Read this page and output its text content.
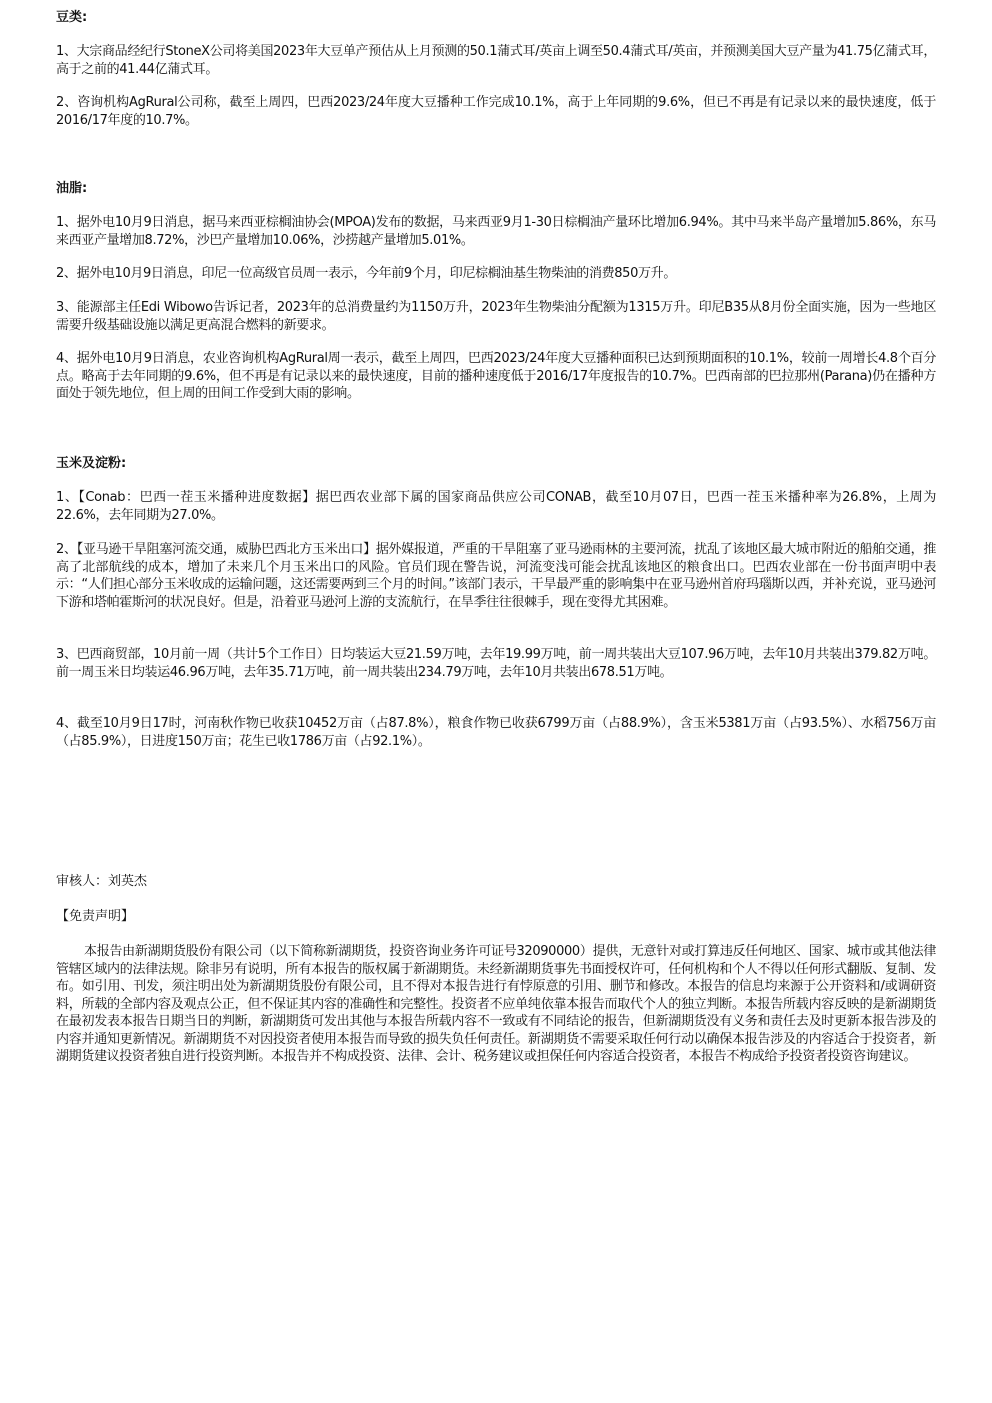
豆类:

1、大宗商品经纪行StoneX公司将美国2023年大豆单产预估从上月预测的50.1蒲式耳/英亩上调至50.4蒲式耳/英亩，并预测美国大豆产量为41.75亿蒲式耳，高于之前的41.44亿蒲式耳。

2、咨询机构AgRural公司称，截至上周四，巴西2023/24年度大豆播种工作完成10.1%，高于上年同期的9.6%，但已不再是有记录以来的最快速度，低于2016/17年度的10.7%。

油脂:

1、据外电10月9日消息，据马来西亚棕榈油协会(MPOA)发布的数据，马来西亚9月1-30日棕榈油产量环比增加6.94%。其中马来半岛产量增加5.86%，东马来西亚产量增加8.72%，沙巴产量增加10.06%，沙捞越产量增加5.01%。

2、据外电10月9日消息，印尼一位高级官员周一表示，今年前9个月，印尼棕榈油基生物柴油的消费850万升。

3、能源部主任Edi Wibowo告诉记者，2023年的总消费量约为1150万升，2023年生物柴油分配额为1315万升。印尼B35从8月份全面实施，因为一些地区需要升级基础设施以满足更高混合燃料的新要求。

4、据外电10月9日消息，农业咨询机构AgRural周一表示，截至上周四，巴西2023/24年度大豆播种面积已达到预期面积的10.1%，较前一周增长4.8个百分点。略高于去年同期的9.6%，但不再是有记录以来的最快速度，目前的播种速度低于2016/17年度报告的10.7%。巴西南部的巴拉那州(Parana)仍在播种方面处于领先地位，但上周的田间工作受到大雨的影响。

玉米及淀粉:

1、【Conab：巴西一茬玉米播种进度数据】据巴西农业部下属的国家商品供应公司CONAB，截至10月07日，巴西一茬玉米播种率为26.8%，上周为22.6%，去年同期为27.0%。

2、【亚马逊干旱阻塞河流交通，威胁巴西北方玉米出口】据外媒报道，严重的干旱阻塞了亚马逊雨林的主要河流，扰乱了该地区最大城市附近的船舶交通，推高了北部航线的成本，增加了未来几个月玉米出口的风险。官员们现在警告说，河流变浅可能会扰乱该地区的粮食出口。巴西农业部在一份书面声明中表示：“人们担心部分玉米收成的运输问题，这还需要两到三个月的时间。”该部门表示，干旱最严重的影响集中在亚马逊州首府玛瑙斯以西，并补充说，亚马逊河下游和塔帕霍斯河的状况良好。但是，沿着亚马逊河上游的支流航行，在旱季往往很棘手，现在变得尤其困难。

3、巴西商贸部，10月前一周（共计5个工作日）日均装运大豆21.59万吨，去年19.99万吨，前一周共装出大豆107.96万吨，去年10月共装出379.82万吨。前一周玉米日均装运46.96万吨，去年35.71万吨，前一周共装出234.79万吨，去年10月共装出678.51万吨。

4、截至10月9日17时，河南秋作物已收获10452万亩（占87.8%），粮食作物已收获6799万亩（占88.9%），含玉米5381万亩（占93.5%）、水稻756万亩（占85.9%），日进度150万亩；花生已收1786万亩（占92.1%）。

审核人：刘英杰

【免责声明】

本报告由新湖期货股份有限公司（以下简称新湖期货，投资咨询业务许可证号32090000）提供，无意针对或打算违反任何地区、国家、城市或其他法律管辖区域内的法律法规。除非另有说明，所有本报告的版权属于新湖期货。未经新湖期货事先书面授权许可，任何机构和个人不得以任何形式翻版、复制、发布。如引用、刊发，须注明出处为新湖期货股份有限公司，且不得对本报告进行有悖原意的引用、删节和修改。本报告的信息均来源于公开资料和/或调研资料，所载的全部内容及观点公正，但不保证其内容的准确性和完整性。投资者不应单纯依靠本报告而取代个人的独立判断。本报告所载内容反映的是新湖期货在最初发表本报告日期当日的判断，新湖期货可发出其他与本报告所载内容不一致或有不同结论的报告，但新湖期货没有义务和责任去及时更新本报告涉及的内容并通知更新情况。新湖期货不对因投资者使用本报告而导致的损失负任何责任。新湖期货不需要采取任何行动以确保本报告涉及的内容适合于投资者，新湖期货建议投资者独自进行投资判断。本报告并不构成投资、法律、会计、税务建议或担保任何内容适合投资者，本报告不构成给予投资者投资咨询建议。
